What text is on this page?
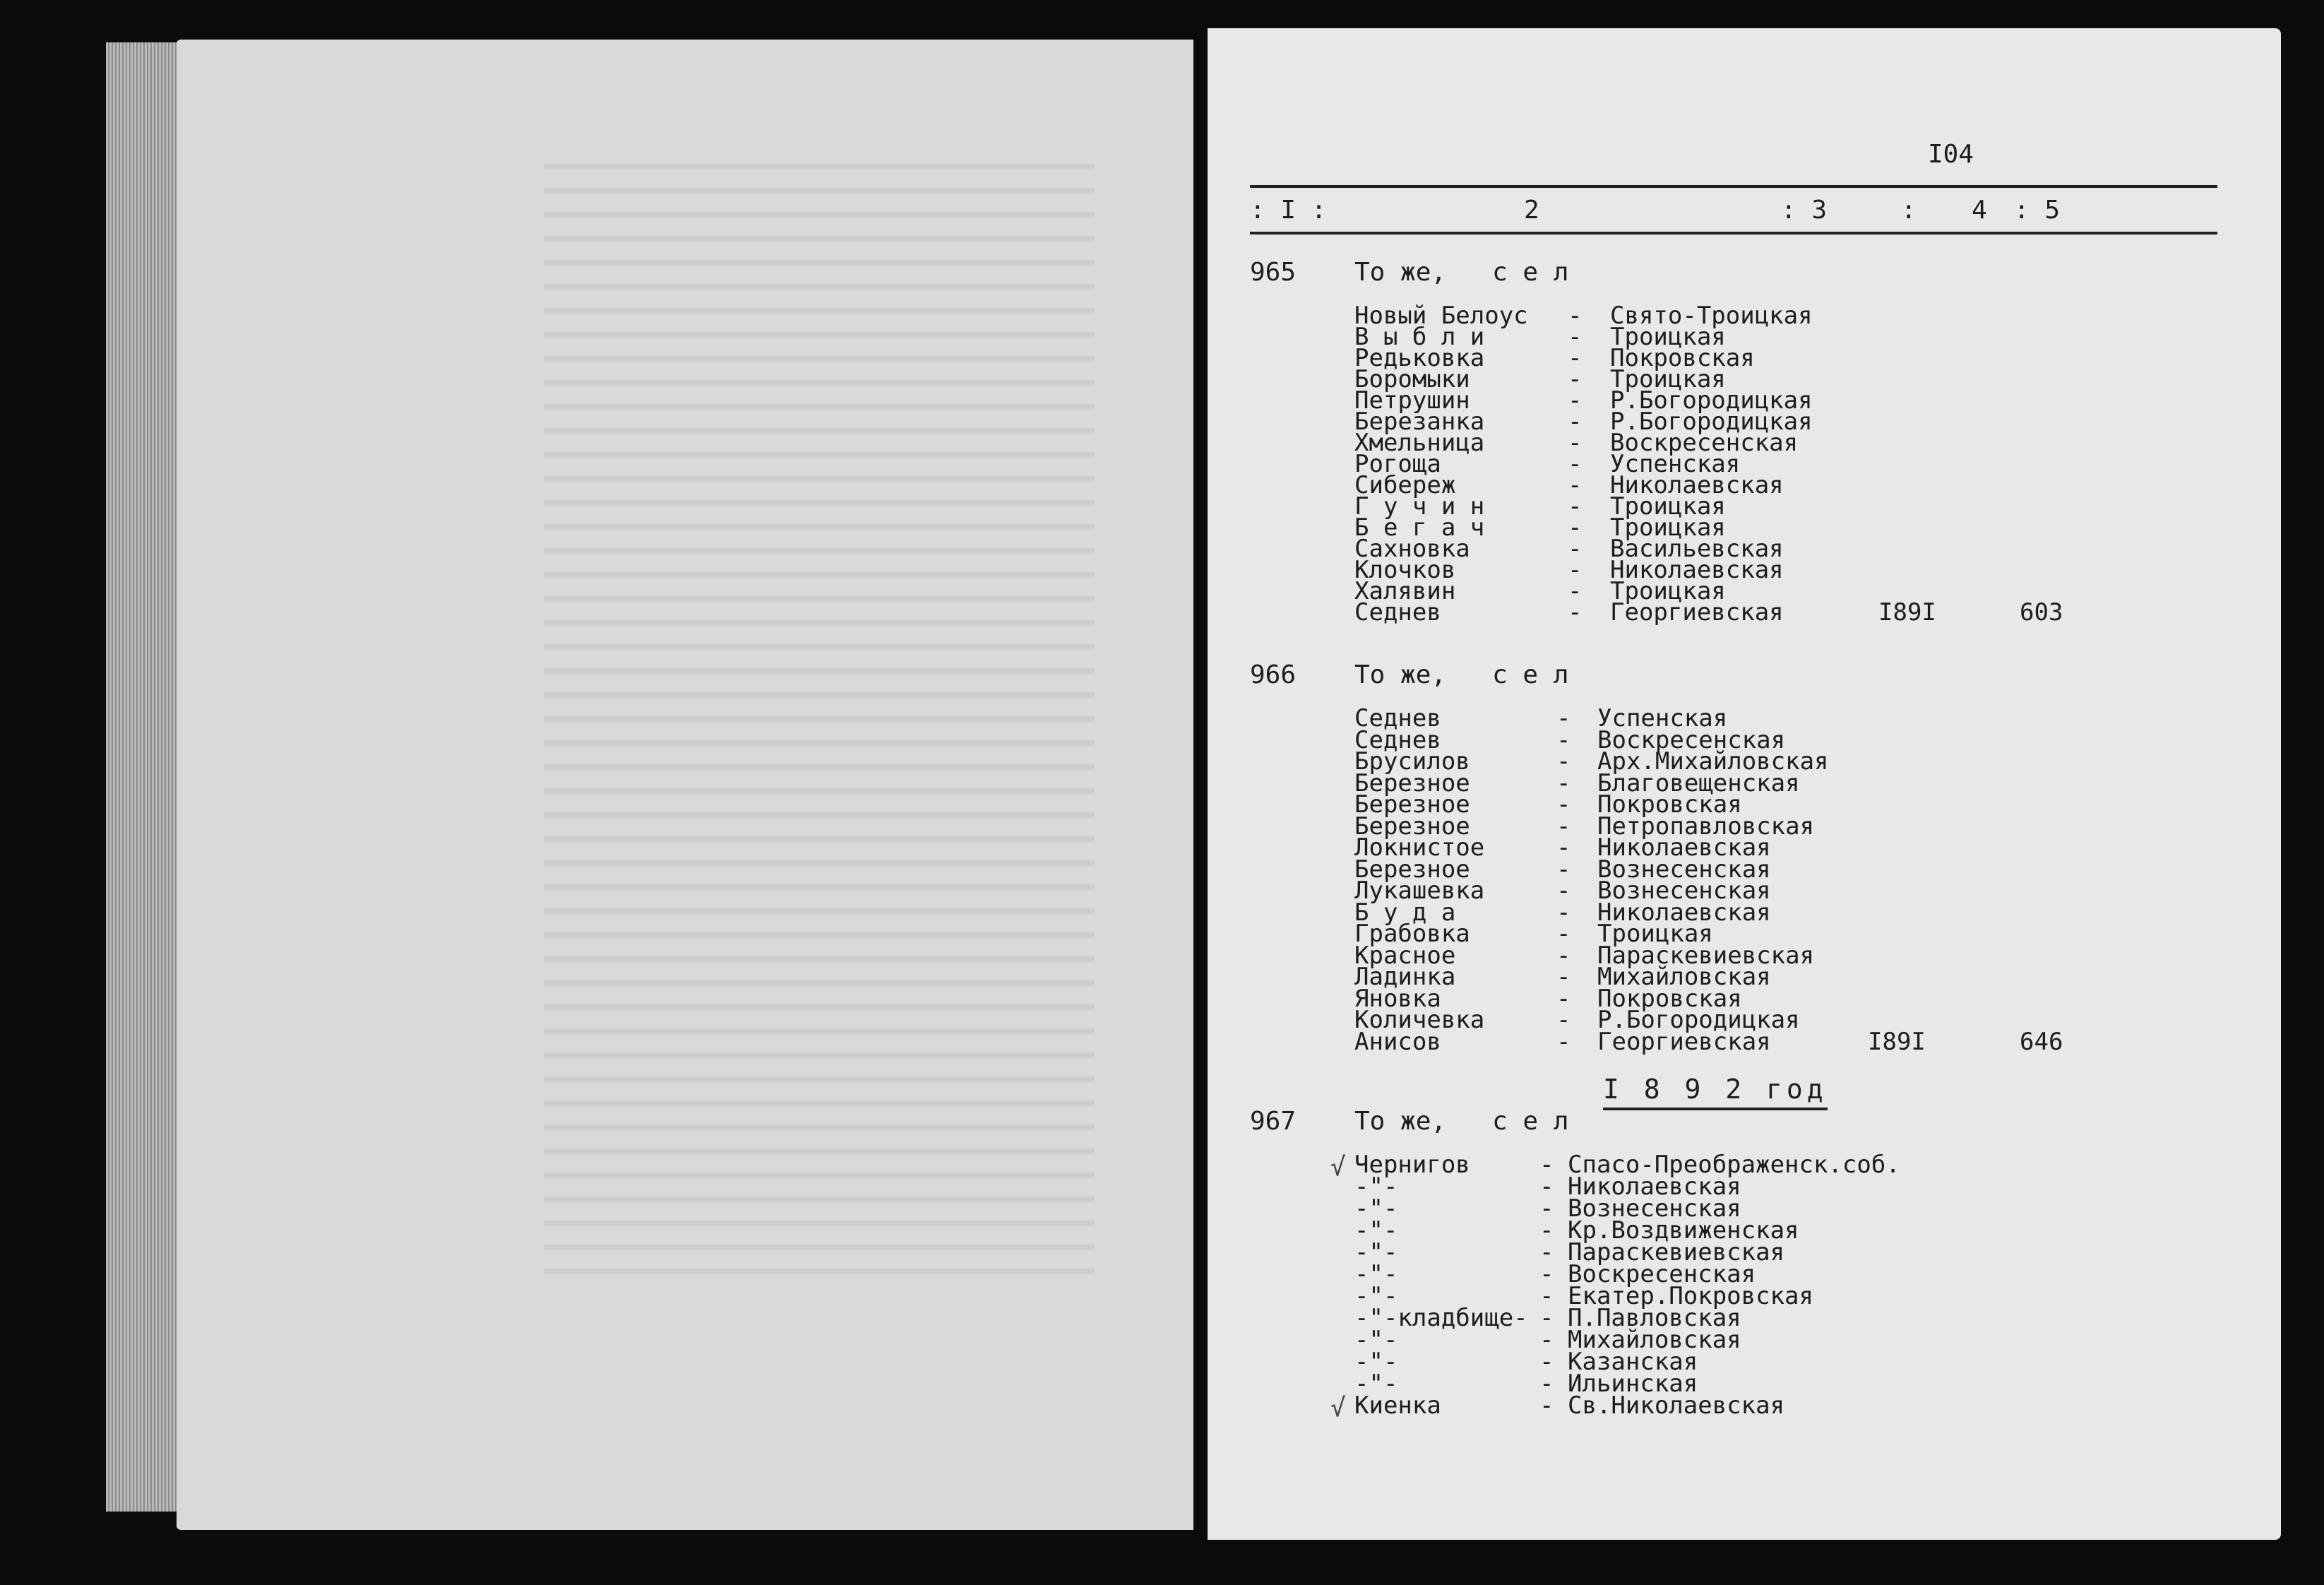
I04
: I :	2	: 3	: 4 : 5
965 То же,   с е л
Новый Белоус - Свято-Троицкая
В ы б л и	- Троицкая
Редьковка	- Покровская
Боромыки	- Троицкая
Петрушин	- Р.Богородицкая
Березанка	- Р.Богородицкая
Хмельница	- Воскресенская
Рогоща	- Успенская
Сибереж	- Николаевская
Г у ч и н	- Троицкая
Б е г а ч	- Троицкая
Сахновка	- Васильевская
Клочков	- Николаевская
Халявин	- Троицкая
Седнев	- Георгиевская	I89I	603
966 То же,   с е л
Седнев	- Успенская
Седнев	- Воскресенская
Брусилов	- Арх.Михайловская
Березное	- Благовещенская
Березное	- Покровская
Березное	- Петропавловская
Локнистое	- Николаевская
Березное	- Вознесенская
Лукашевка	- Вознесенская
Б у д а	- Николаевская
Грабовка	- Троицкая
Красное	- Параскевиевская
Ладинка	- Михайловская
Яновка	- Покровская
Количевка	- Р.Богородицкая
Анисов	- Георгиевская	I89I	646
I 8 9 2 год
967 То же,   с е л
√ Чернигов	- Спасо-Преображенск.соб.
-"-	- Николаевская
-"-	- Вознесенская
-"-	- Кр.Воздвиженская
-"-	- Параскевиевская
-"-	- Воскресенская
-"-	- Екатер.Покровская
-"-кладбище- - П.Павловская
-"-	- Михайловская
-"-	- Казанская
-"-	- Ильинская
√ Киенка	- Св.Николаевская
